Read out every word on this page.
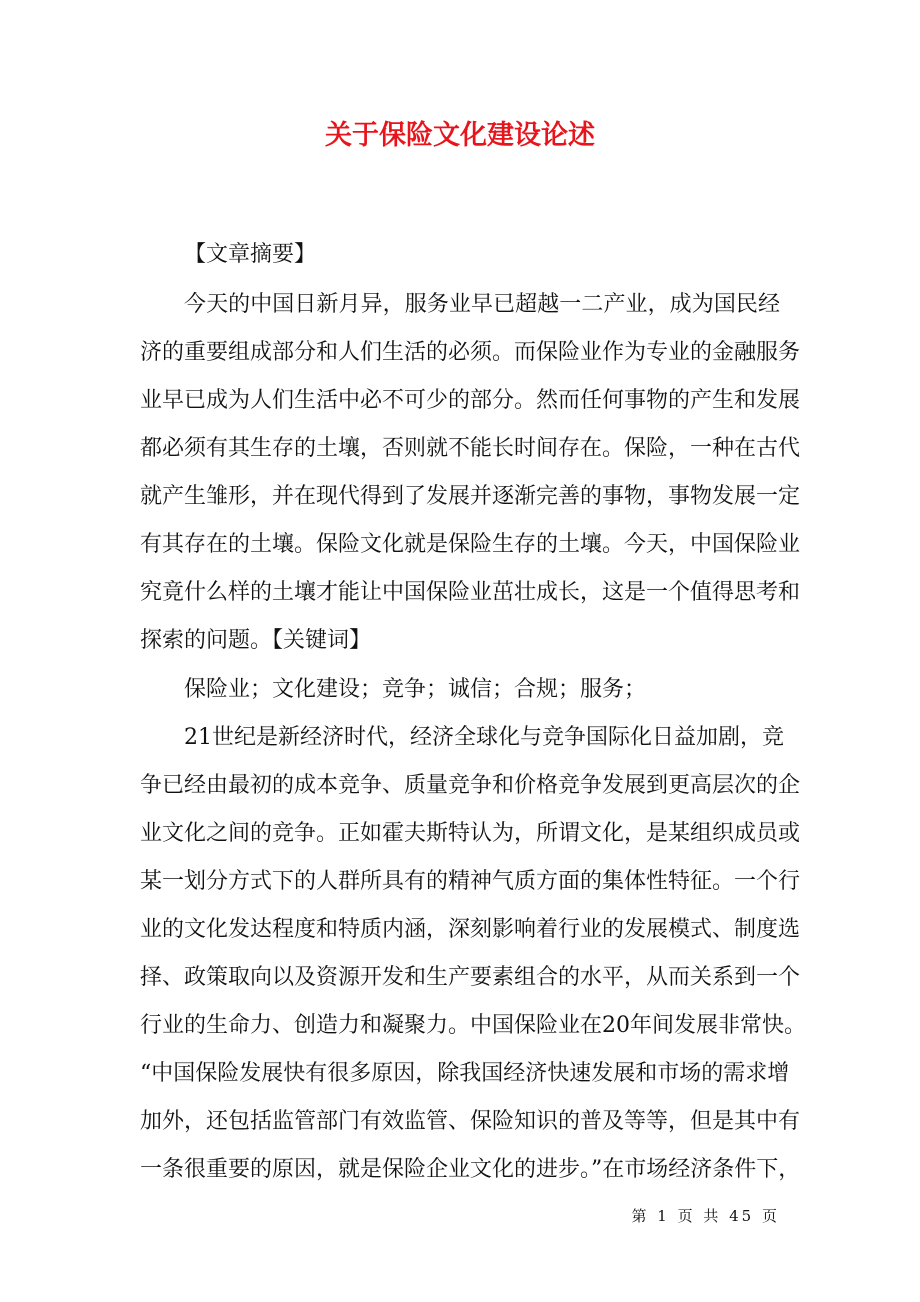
关于保险文化建设论述
【文章摘要】
今天的中国日新月异，服务业早已超越一二产业，成为国民经
济的重要组成部分和人们生活的必须。而保险业作为专业的金融服务
业早已成为人们生活中必不可少的部分。然而任何事物的产生和发展
都必须有其生存的土壤，否则就不能长时间存在。保险，一种在古代
就产生雏形，并在现代得到了发展并逐渐完善的事物，事物发展一定
有其存在的土壤。保险文化就是保险生存的土壤。今天，中国保险业
究竟什么样的土壤才能让中国保险业茁壮成长，这是一个值得思考和
探索的问题。【关键词】
保险业；文化建设；竞争；诚信；合规；服务；
21世纪是新经济时代，经济全球化与竞争国际化日益加剧，竞
争已经由最初的成本竞争、质量竞争和价格竞争发展到更高层次的企
业文化之间的竞争。正如霍夫斯特认为，所谓文化，是某组织成员或
某一划分方式下的人群所具有的精神气质方面的集体性特征。一个行
业的文化发达程度和特质内涵，深刻影响着行业的发展模式、制度选
择、政策取向以及资源开发和生产要素组合的水平，从而关系到一个
行业的生命力、创造力和凝聚力。中国保险业在20年间发展非常快。
“中国保险发展快有很多原因，除我国经济快速发展和市场的需求增
加外，还包括监管部门有效监管、保险知识的普及等等，但是其中有
一条很重要的原因，就是保险企业文化的进步。”在市场经济条件下，
第 1 页 共 45 页
